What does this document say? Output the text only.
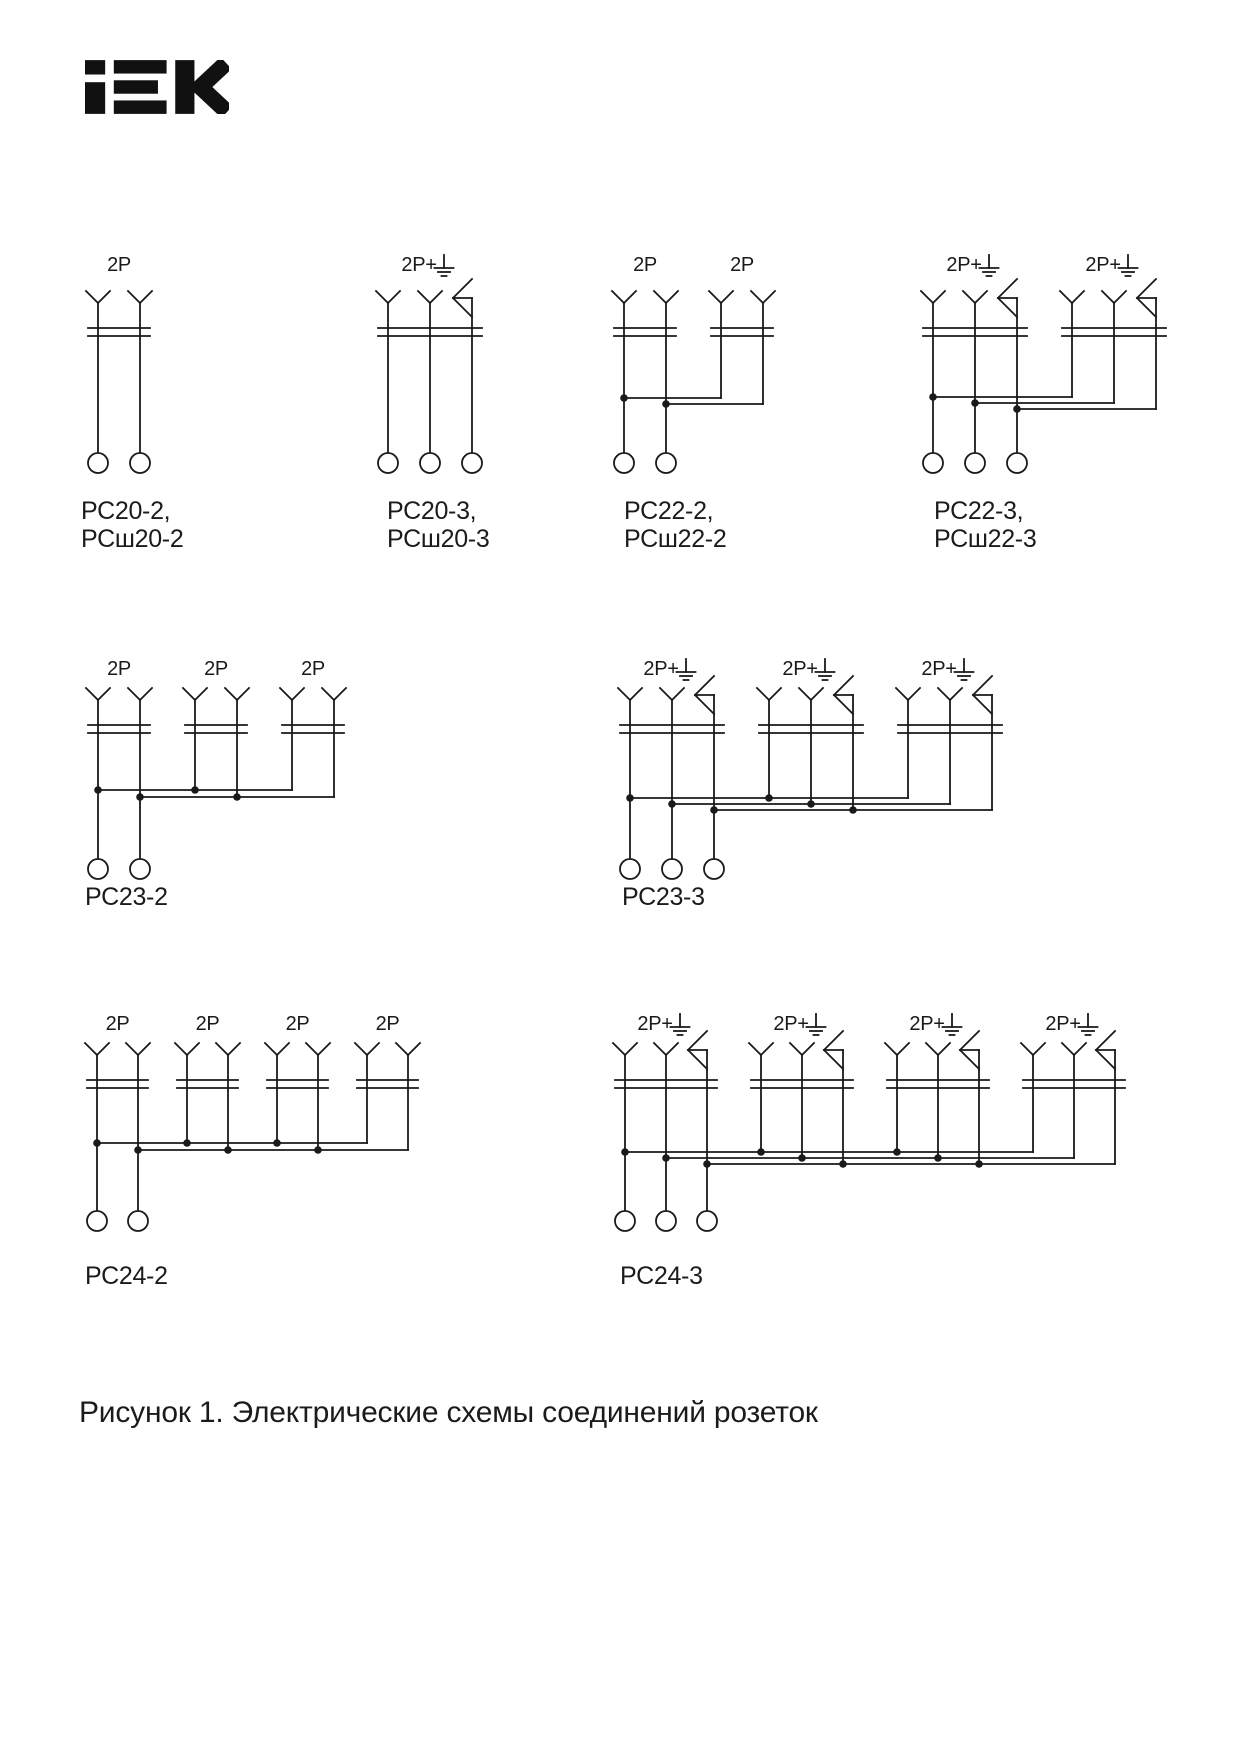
2P	2P+	2P	2P	2P+	2P+
2P	2P	2P	2P+	2P+	2P+
2P	2P	2P	2P	2P+	2P+	2P+	2P+
РС20-2,
РСш20-2
РС20-3,
РСш20-3
РС22-2,
РСш22-2
РС22-3,
РСш22-3
РС23-2	РС23-3
РС24-2	РС24-3
Рисунок 1. Электрические схемы соединений розеток
